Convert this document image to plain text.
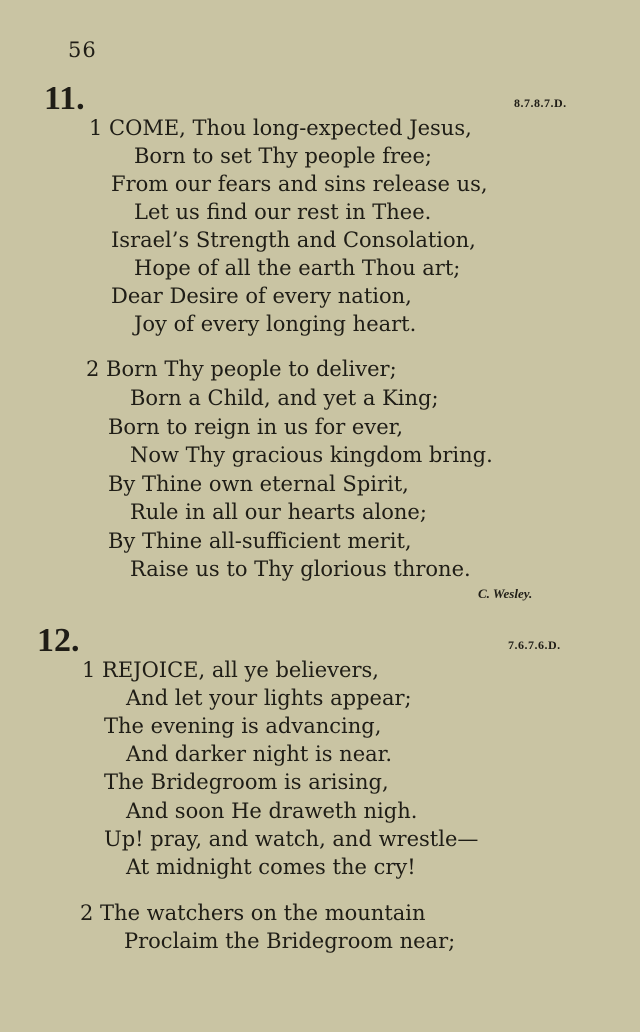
56
11.	8.7.8.7.D.
1 COME, Thou long-expected Jesus,
Born to set Thy people free;
From our fears and sins release us,
Let us find our rest in Thee.
Israel’s Strength and Consolation,
Hope of all the earth Thou art;
Dear Desire of every nation,
Joy of every longing heart.
2 Born Thy people to deliver;
Born a Child, and yet a King;
Born to reign in us for ever,
Now Thy gracious kingdom bring.
By Thine own eternal Spirit,
Rule in all our hearts alone;
By Thine all-sufficient merit,
Raise us to Thy glorious throne.
C. Wesley.
12.	7.6.7.6.D.
1 REJOICE, all ye believers,
And let your lights appear;
The evening is advancing,
And darker night is near.
The Bridegroom is arising,
And soon He draweth nigh.
Up! pray, and watch, and wrestle—
At midnight comes the cry!
2 The watchers on the mountain
Proclaim the Bridegroom near;
